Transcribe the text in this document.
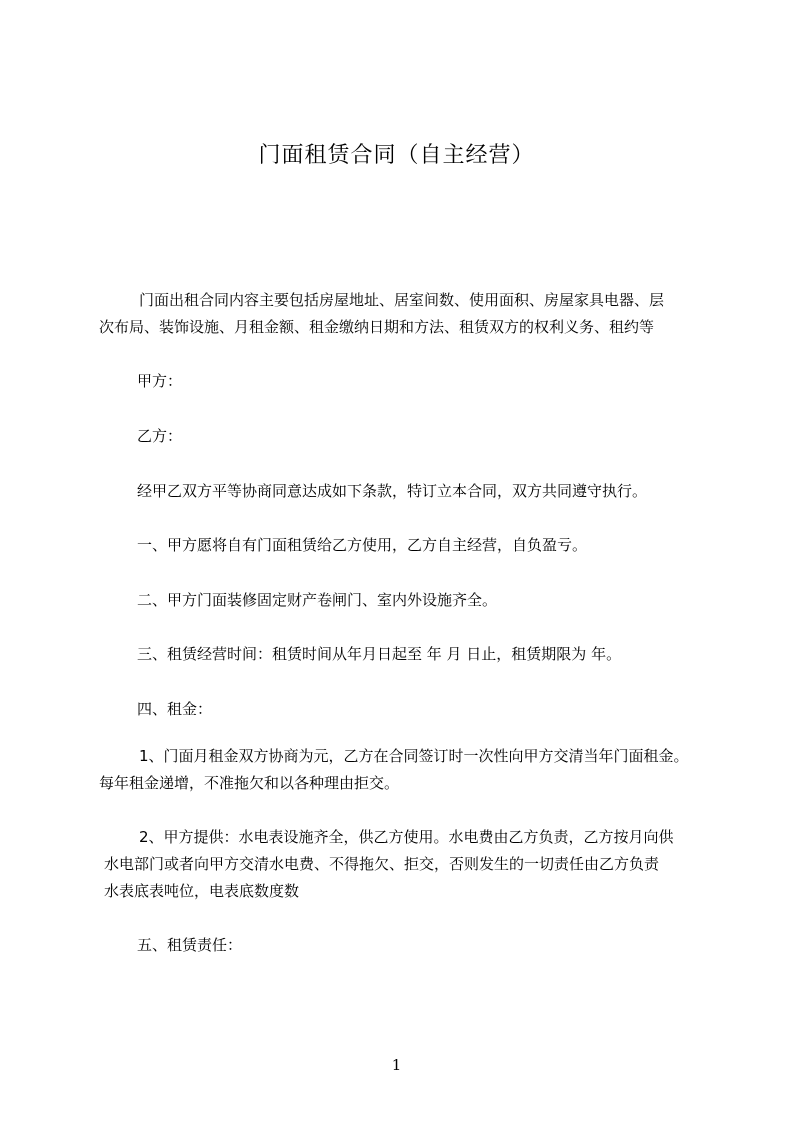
门面租赁合同（自主经营）

门面出租合同内容主要包括房屋地址、居室间数、使用面积、房屋家具电器、层

次布局、装饰设施、月租金额、租金缴纳日期和方法、租赁双方的权利义务、租约等

甲方：

乙方：

经甲乙双方平等协商同意达成如下条款，特订立本合同，双方共同遵守执行。

一、甲方愿将自有门面租赁给乙方使用，乙方自主经营，自负盈亏。

二、甲方门面装修固定财产卷闸门、室内外设施齐全。

三、租赁经营时间：租赁时间从年月日起至 年 月 日止，租赁期限为 年。

四、租金：

1、门面月租金双方协商为元，乙方在合同签订时一次性向甲方交清当年门面租金。

每年租金递增，不准拖欠和以各种理由拒交。

2、甲方提供：水电表设施齐全，供乙方使用。水电费由乙方负责，乙方按月向供

水电部门或者向甲方交清水电费、不得拖欠、拒交，否则发生的一切责任由乙方负责

水表底表吨位，电表底数度数

五、租赁责任：

1
